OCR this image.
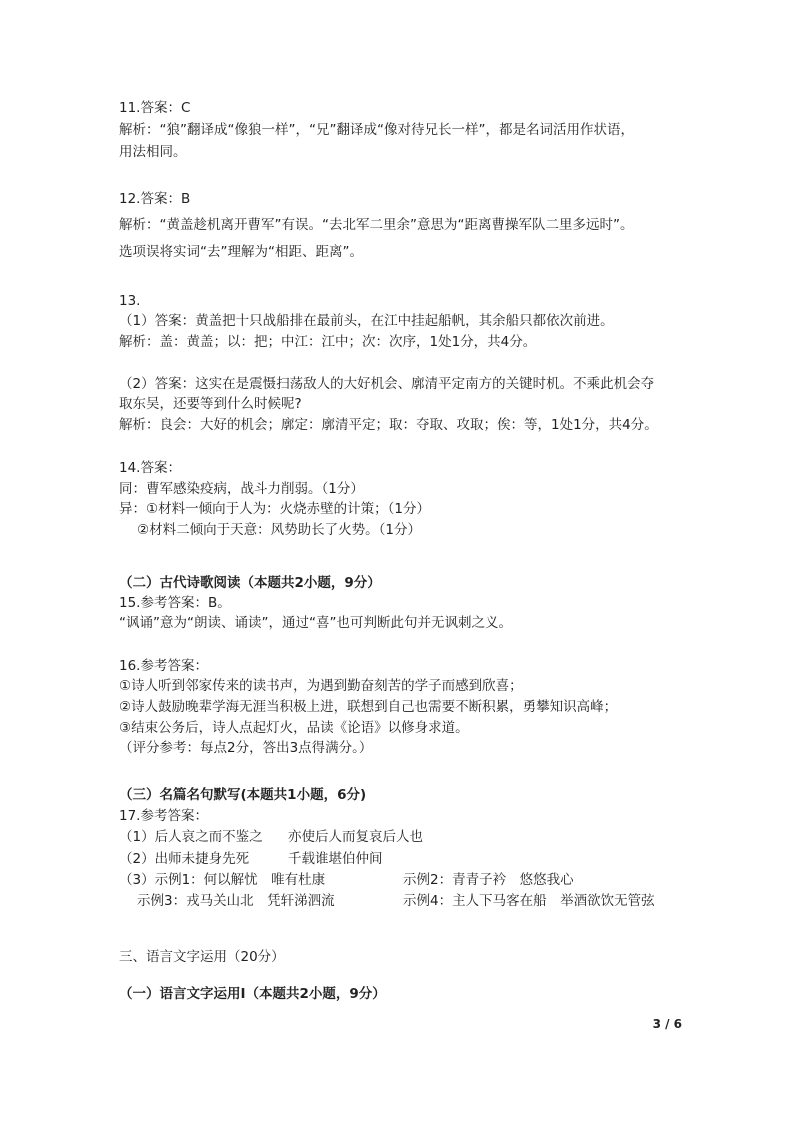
11.答案：C
解析：“狼”翻译成“像狼一样”，“兄”翻译成“像对待兄长一样”，都是名词活用作状语，
用法相同。
12.答案：B
解析：“黄盖趁机离开曹军”有误。“去北军二里余”意思为“距离曹操军队二里多远时”。
选项误将实词“去”理解为“相距、距离”。
13.
（1）答案：黄盖把十只战船排在最前头，在江中挂起船帆，其余船只都依次前进。
解析：盖：黄盖；以：把；中江：江中；次：次序，1处1分，共4分。
（2）答案：这实在是震慑扫荡敌人的大好机会、廓清平定南方的关键时机。不乘此机会夺
取东吴，还要等到什么时候呢?
解析：良会：大好的机会；廓定：廓清平定；取：夺取、攻取；俟：等，1处1分，共4分。
14.答案：
同：曹军感染疫病，战斗力削弱。（1分）
异：①材料一倾向于人为：火烧赤壁的计策；（1分）
②材料二倾向于天意：风势助长了火势。（1分）
（二）古代诗歌阅读（本题共2小题，9分）
15.参考答案：B。
“讽诵”意为“朗读、诵读”，通过“喜”也可判断此句并无讽刺之义。
16.参考答案：
①诗人听到邻家传来的读书声，为遇到勤奋刻苦的学子而感到欣喜；
②诗人鼓励晚辈学海无涯当积极上进，联想到自己也需要不断积累，勇攀知识高峰；
③结束公务后，诗人点起灯火，品读《论语》以修身求道。
（评分参考：每点2分，答出3点得满分。）
（三）名篇名句默写(本题共1小题，6分)
17.参考答案：
（1）后人哀之而不鉴之 亦使后人而复哀后人也
（2）出师未捷身先死	千载谁堪伯仲间
（3）示例1：何以解忧　唯有杜康	示例2：青青子衿　悠悠我心
示例3：戎马关山北　凭轩涕泗流	示例4：主人下马客在船　举酒欲饮无管弦
三、语言文字运用（20分）
（一）语言文字运用Ⅰ（本题共2小题，9分）
3 / 6
